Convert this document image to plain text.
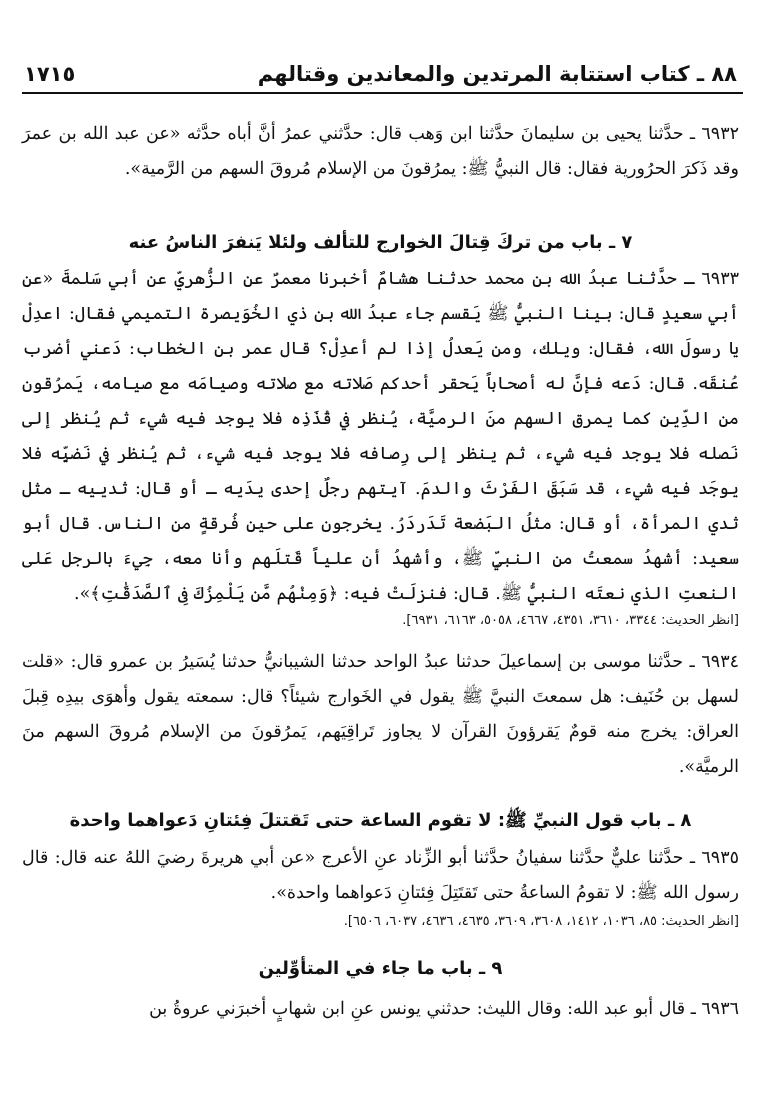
٨٨ ـ كتاب استتابة المرتدين والمعاندين وقتالهم
١٧١٥
٦٩٣٢ ـ حدَّثنا يحيى بن سليمانَ حدَّثنا ابن وَهب قال: حدَّثني عمرُ أنَّ أباه حدَّثه «عن عبد الله بن عمرَ وقد ذَكرَ الحرُورية فقال: قال النبيُّ ﷺ: يمرُقونَ من الإسلام مُروقَ السهم من الرَّمية».
٧ ـ باب من تركَ قِتالَ الخوارج للتألف ولئلا يَنفرَ الناسُ عنه
٦٩٣٣ ـ حدَّثنا عبدُ الله بن محمد حدثنا هشامٌ أخبرنا معمرٌ عن الزُّهريِّ عن أبي سَلمةَ «عن أبي سعيدٍ قال: بينا النبيُّ ﷺ يَقسم جاء عبدُ الله بن ذي الخُوَيصرة التميمي فقال: اعدِلْ يا رسولَ الله، فقال: ويلك، ومن يَعدلُ إذا لم أعدِلْ؟ قال عمر بن الخطاب: دَعني أضرب عُنقَه. قال: دَعه فإنَّ له أصحاباً يَحقر أحدكم صَلاته مع صلاته وصيامَه مع صيامه، يَمرُقون من الدِّين كما يمرق السهم منَ الرميَّة، يُنظر في قُذَذِه فلا يوجد فيه شيء ثم يُنظر إلى نَصله فلا يوجد فيه شيء، ثم ينظر إلى رِصافه فلا يوجد فيه شيء، ثم يُنظر في نَضيِّه فلا يوجَد فيه شيء، قد سَبَقَ الفَرْثَ والدمَ. آيتهم رجلٌ إحدى يدَيه ـ أو قال: ثدييه ـ مثل ثدي المرأة، أو قال: مثلُ البَضعة تَدَردَرُ. يخرجون على حين فُرقةٍ من الناس. قال أبو سعيد: أشهدُ سمعتُ من النبيِّ ﷺ، وأشهدُ أن علياً قَتلَهم وأنا معه، جِيءَ بالرجل عَلى النعتِ الذي نعتَه النبيُّ ﷺ. قال: فنزلَتْ فيه: ﴿وَمِنْهُم مَّن يَلْمِزُكَ فِى ٱلصَّدَقَٰتِ﴾».
[انظر الحديث: ٣٣٤٤، ٣٦١٠، ٤٣٥١، ٤٦٦٧، ٥٠٥٨، ٦١٦٣، ٦٩٣١].
٦٩٣٤ ـ حدَّثنا موسى بن إسماعيلَ حدثنا عبدُ الواحد حدثنا الشيبانيُّ حدثنا يُسَيرُ بن عمرو قال: «قلت لسهل بن حُنَيف: هل سمعتَ النبيَّ ﷺ يقول في الخَوارج شيئاً؟ قال: سمعته يقول وأهوَى بيدِه قِبلَ العراق: يخرج منه قومٌ يَقرؤونَ القرآن لا يجاوز تَراقِيَهم، يَمرُقونَ من الإسلام مُروقَ السهم منَ الرميَّة».
٨ ـ باب قول النبيِّ ﷺ: لا تقوم الساعة حتى تَقتتلَ فِئتانِ دَعواهما واحدة
٦٩٣٥ ـ حدَّثنا عليٌّ حدَّثنا سفيانُ حدَّثنا أبو الزِّناد عنِ الأعرج «عن أبي هريرةَ رضيَ اللهُ عنه قال: قال رسول الله ﷺ: لا تقومُ الساعةُ حتى تَقتَتِلَ فِئتانِ دَعواهما واحدة».
[انظر الحديث: ٨٥، ١٠٣٦، ١٤١٢، ٣٦٠٨، ٣٦٠٩، ٤٦٣٥، ٤٦٣٦، ٦٠٣٧، ٦٥٠٦].
٩ ـ باب ما جاء في المتأوِّلين
٦٩٣٦ ـ قال أبو عبد الله: وقال الليث: حدثني يونس عنِ ابن شهابٍ أخبرَني عروةُ بن
